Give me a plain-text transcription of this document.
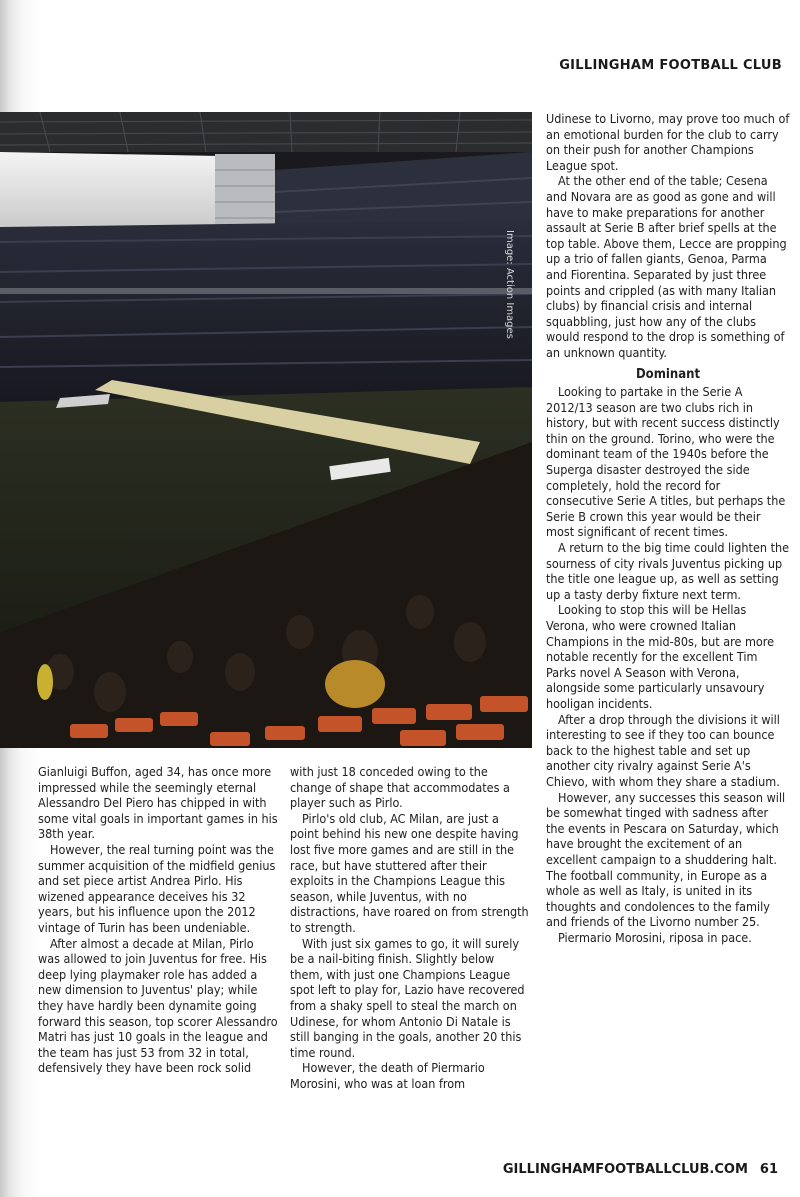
GILLINGHAM FOOTBALL CLUB
Image: Action Images

Udinese to Livorno, may prove too much of an emotional burden for the club to carry on their push for another Champions League spot.

At the other end of the table; Cesena and Novara are as good as gone and will have to make preparations for another assault at Serie B after brief spells at the top table. Above them, Lecce are propping up a trio of fallen giants, Genoa, Parma and Fiorentina. Separated by just three points and crippled (as with many Italian clubs) by financial crisis and internal squabbling, just how any of the clubs would respond to the drop is something of an unknown quantity.

Dominant

Looking to partake in the Serie A 2012/13 season are two clubs rich in history, but with recent success distinctly thin on the ground. Torino, who were the dominant team of the 1940s before the Superga disaster destroyed the side completely, hold the record for consecutive Serie A titles, but perhaps the Serie B crown this year would be their most significant of recent times.

A return to the big time could lighten the sourness of city rivals Juventus picking up the title one league up, as well as setting up a tasty derby fixture next term.

Looking to stop this will be Hellas Verona, who were crowned Italian Champions in the mid-80s, but are more notable recently for the excellent Tim Parks novel A Season with Verona, alongside some particularly unsavoury hooligan incidents.

After a drop through the divisions it will interesting to see if they too can bounce back to the highest table and set up another city rivalry against Serie A's Chievo, with whom they share a stadium.

However, any successes this season will be somewhat tinged with sadness after the events in Pescara on Saturday, which have brought the excitement of an excellent campaign to a shuddering halt. The football community, in Europe as a whole as well as Italy, is united in its thoughts and condolences to the family and friends of the Livorno number 25.

Piermario Morosini, riposa in pace.

Gianluigi Buffon, aged 34, has once more impressed while the seemingly eternal Alessandro Del Piero has chipped in with some vital goals in important games in his 38th year.

However, the real turning point was the summer acquisition of the midfield genius and set piece artist Andrea Pirlo. His wizened appearance deceives his 32 years, but his influence upon the 2012 vintage of Turin has been undeniable.

After almost a decade at Milan, Pirlo was allowed to join Juventus for free. His deep lying playmaker role has added a new dimension to Juventus' play; while they have hardly been dynamite going forward this season, top scorer Alessandro Matri has just 10 goals in the league and the team has just 53 from 32 in total, defensively they have been rock solid

with just 18 conceded owing to the change of shape that accommodates a player such as Pirlo.

Pirlo's old club, AC Milan, are just a point behind his new one despite having lost five more games and are still in the race, but have stuttered after their exploits in the Champions League this season, while Juventus, with no distractions, have roared on from strength to strength.

With just six games to go, it will surely be a nail-biting finish. Slightly below them, with just one Champions League spot left to play for, Lazio have recovered from a shaky spell to steal the march on Udinese, for whom Antonio Di Natale is still banging in the goals, another 20 this time round.

However, the death of Piermario Morosini, who was at loan from

GILLINGHAMFOOTBALLCLUB.COM 61
